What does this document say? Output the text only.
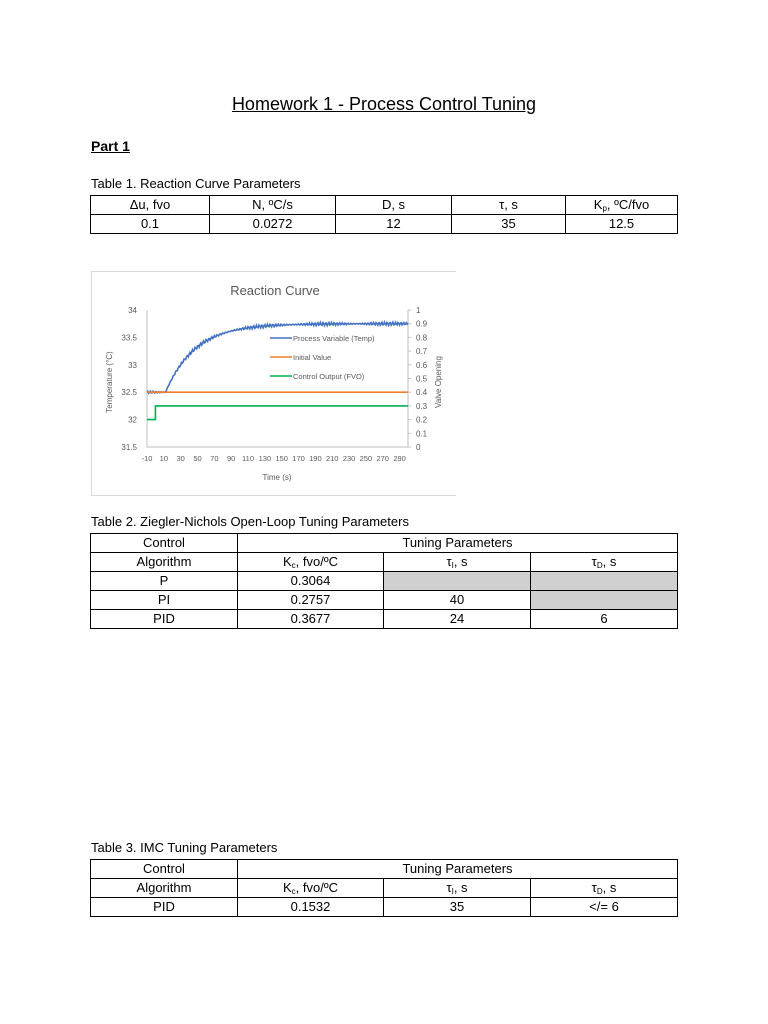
Homework 1 - Process Control Tuning
Part 1
Table 1. Reaction Curve Parameters
Δu, fvo	N, ºC/s	D, s	τ, s	$K_p$, ºC/fvo
0.1	0.0272	12	35	12.5
Reaction Curve
31.5
32
32.5
33
33.5
34
0
0.1
0.2
0.3
0.4
0.5
0.6
0.7
0.8
0.9
1
-10 10 30 50 70 90 110 130 150 170 190 210 230 250 270 290
Process Variable (Temp)
Initial Value
Control Output (FVO)
Time (s)
Temperature (°C)	Valve Opening
Table 2. Ziegler-Nichols Open-Loop Tuning Parameters
Control	Tuning Parameters		
Algorithm	$K_c$, fvo/ºC	$\tau_I$, s	$\tau_D$, s
P	0.3064		
PI	0.2757	40	
PID	0.3677	24	6
Table 3. IMC Tuning Parameters
Control	Tuning Parameters		
Algorithm	$K_c$, fvo/ºC	$\tau_I$, s	$\tau_D$, s
PID	0.1532	35	</= 6
